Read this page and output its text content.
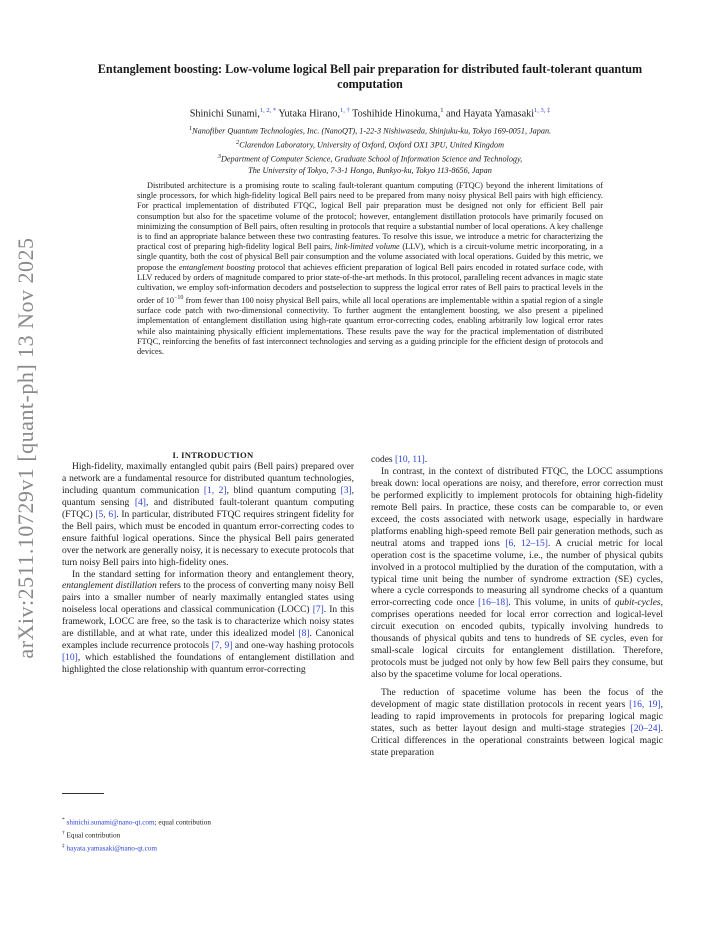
arXiv:2511.10729v1 [quant-ph] 13 Nov 2025
Entanglement boosting: Low-volume logical Bell pair preparation for distributed fault-tolerant quantum computation
Shinichi Sunami,$^{1, 2, *}$ Yutaka Hirano,$^{1, \dagger}$ Toshihide Hinokuma,$^1$ and Hayata Yamasaki$^{1, 3, \ddagger}$
$^1$Nanofiber Quantum Technologies, Inc. (NanoQT), 1-22-3 Nishiwaseda, Shinjuku-ku, Tokyo 169-0051, Japan.
$^2$Clarendon Laboratory, University of Oxford, Oxford OX1 3PU, United Kingdom
$^3$Department of Computer Science, Graduate School of Information Science and Technology,
The University of Tokyo, 7-3-1 Hongo, Bunkyo-ku, Tokyo 113-8656, Japan
Distributed architecture is a promising route to scaling fault-tolerant quantum computing (FTQC) beyond the inherent limitations of single processors, for which high-fidelity logical Bell pairs need to be prepared from many noisy physical Bell pairs with high efficiency. For practical implementation of distributed FTQC, logical Bell pair preparation must be designed not only for efficient Bell pair consumption but also for the spacetime volume of the protocol; however, entanglement distillation protocols have primarily focused on minimizing the consumption of Bell pairs, often resulting in protocols that require a substantial number of local operations. A key challenge is to find an appropriate balance between these two contrasting features. To resolve this issue, we introduce a metric for characterizing the practical cost of preparing high-fidelity logical Bell pairs, link-limited volume (LLV), which is a circuit-volume metric incorporating, in a single quantity, both the cost of physical Bell pair consumption and the volume associated with local operations. Guided by this metric, we propose the entanglement boosting protocol that achieves efficient preparation of logical Bell pairs encoded in rotated surface code, with LLV reduced by orders of magnitude compared to prior state-of-the-art methods. In this protocol, paralleling recent advances in magic state cultivation, we employ soft-information decoders and postselection to suppress the logical error rates of Bell pairs to practical levels in the order of $10^{-10}$ from fewer than 100 noisy physical Bell pairs, while all local operations are implementable within a spatial region of a single surface code patch with two-dimensional connectivity. To further augment the entanglement boosting, we also present a pipelined implementation of entanglement distillation using high-rate quantum error-correcting codes, enabling arbitrarily low logical error rates while also maintaining physically efficient implementations. These results pave the way for the practical implementation of distributed FTQC, reinforcing the benefits of fast interconnect technologies and serving as a guiding principle for the efficient design of protocols and devices.

I. INTRODUCTION

High-fidelity, maximally entangled qubit pairs (Bell pairs) prepared over a network are a fundamental resource for distributed quantum technologies, including quantum communication [1, 2], blind quantum computing [3], quantum sensing [4], and distributed fault-tolerant quantum computing (FTQC) [5, 6]. In particular, distributed FTQC requires stringent fidelity for the Bell pairs, which must be encoded in quantum error-correcting codes to ensure faithful logical operations. Since the physical Bell pairs generated over the network are generally noisy, it is necessary to execute protocols that turn noisy Bell pairs into high-fidelity ones.

In the standard setting for information theory and entanglement theory, entanglement distillation refers to the process of converting many noisy Bell pairs into a smaller number of nearly maximally entangled states using noiseless local operations and classical communication (LOCC) [7]. In this framework, LOCC are free, so the task is to characterize which noisy states are distillable, and at what rate, under this idealized model [8]. Canonical examples include recurrence protocols [7, 9] and one-way hashing protocols [10], which established the foundations of entanglement distillation and highlighted the close relationship with quantum error-correcting

codes [10, 11].

In contrast, in the context of distributed FTQC, the LOCC assumptions break down: local operations are noisy, and therefore, error correction must be performed explicitly to implement protocols for obtaining high-fidelity remote Bell pairs. In practice, these costs can be comparable to, or even exceed, the costs associated with network usage, especially in hardware platforms enabling high-speed remote Bell pair generation methods, such as neutral atoms and trapped ions [6, 12–15]. A crucial metric for local operation cost is the spacetime volume, i.e., the number of physical qubits involved in a protocol multiplied by the duration of the computation, with a typical time unit being the number of syndrome extraction (SE) cycles, where a cycle corresponds to measuring all syndrome checks of a quantum error-correcting code once [16–18]. This volume, in units of qubit-cycles, comprises operations needed for local error correction and logical-level circuit execution on encoded qubits, typically involving hundreds to thousands of physical qubits and tens to hundreds of SE cycles, even for small-scale logical circuits for entanglement distillation. Therefore, protocols must be judged not only by how few Bell pairs they consume, but also by the spacetime volume for local operations.

The reduction of spacetime volume has been the focus of the development of magic state distillation protocols in recent years [16, 19], leading to rapid improvements in protocols for preparing logical magic states, such as better layout design and multi-stage strategies [20–24]. Critical differences in the operational constraints between logical magic state preparation

* shinichi.sunami@nano-qt.com; equal contribution
† Equal contribution
‡ hayata.yamasaki@nano-qt.com
